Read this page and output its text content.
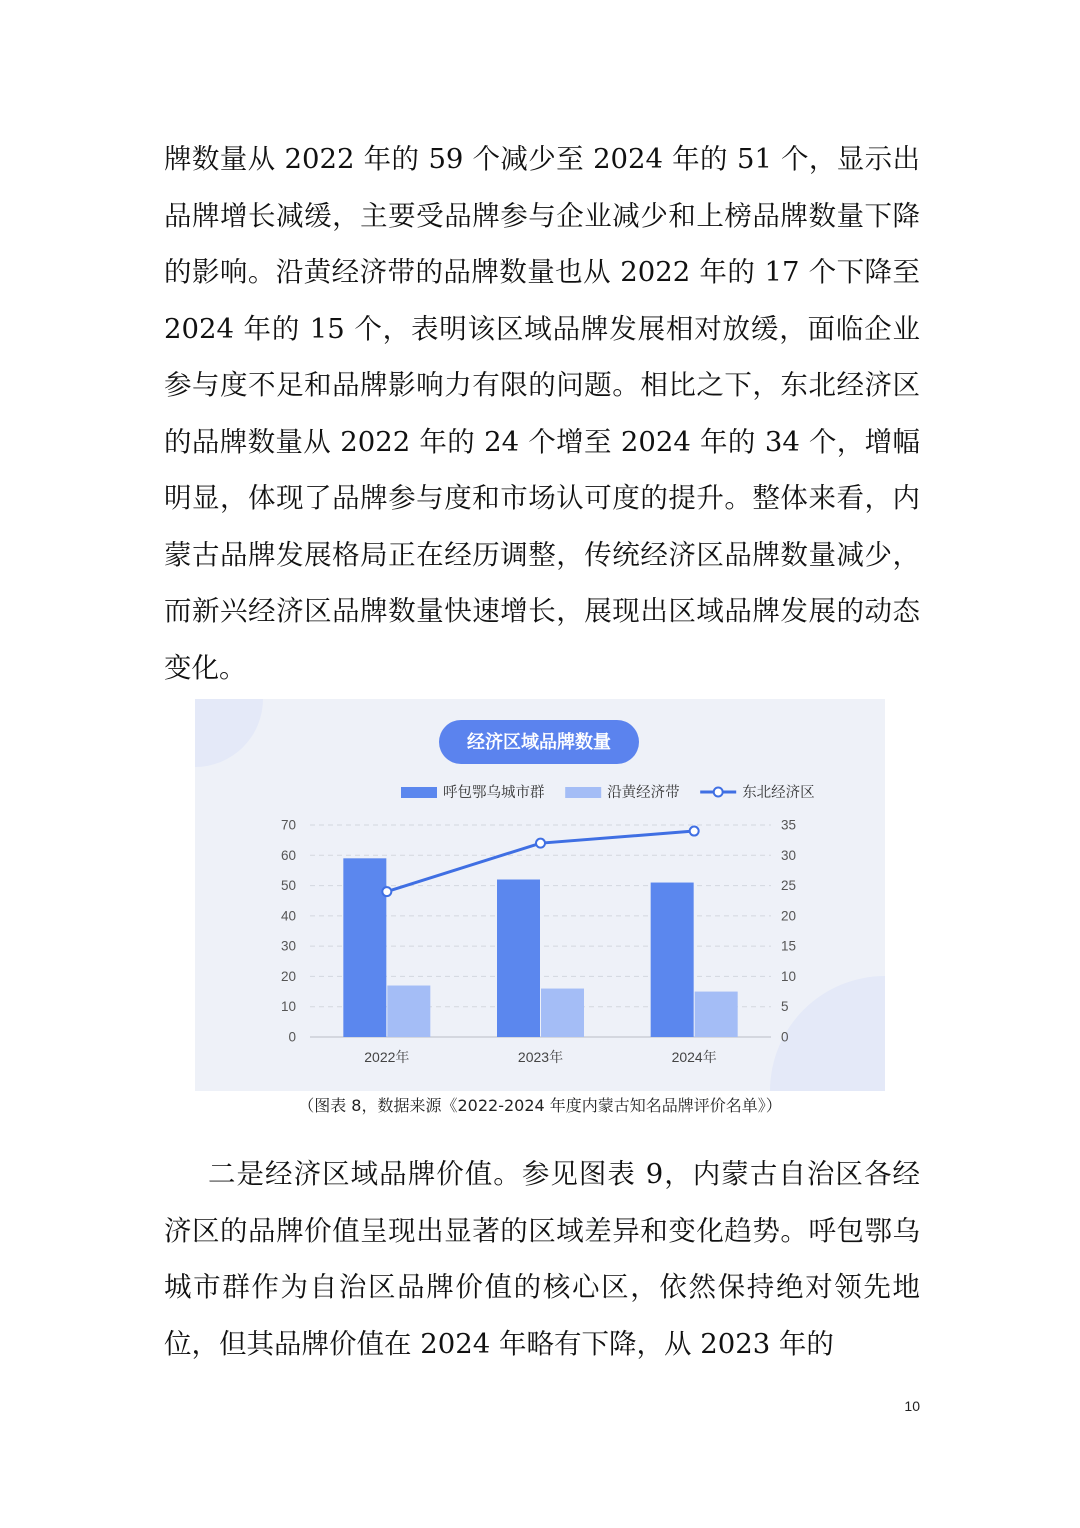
牌数量从 2022 年的 59 个减少至 2024 年的 51 个，显示出品牌增长减缓，主要受品牌参与企业减少和上榜品牌数量下降的影响。沿黄经济带的品牌数量也从 2022 年的 17 个下降至 2024 年的 15 个，表明该区域品牌发展相对放缓，面临企业参与度不足和品牌影响力有限的问题。相比之下，东北经济区的品牌数量从 2022 年的 24 个增至 2024 年的 34 个，增幅明显，体现了品牌参与度和市场认可度的提升。整体来看，内蒙古品牌发展格局正在经历调整，传统经济区品牌数量减少，而新兴经济区品牌数量快速增长，展现出区域品牌发展的动态变化。

经济区域品牌数量
0
10
20
30
40
50
60
70
0
5
10
15
20
25
30
35
2022年	2023年	2024年
呼包鄂乌城市群	沿黄经济带	东北经济区
（图表 8，数据来源《2022-2024 年度内蒙古知名品牌评价名单》）

二是经济区域品牌价值。参见图表 9，内蒙古自治区各经济区的品牌价值呈现出显著的区域差异和变化趋势。呼包鄂乌城市群作为自治区品牌价值的核心区，依然保持绝对领先地位，但其品牌价值在 2024 年略有下降，从 2023 年的

10
